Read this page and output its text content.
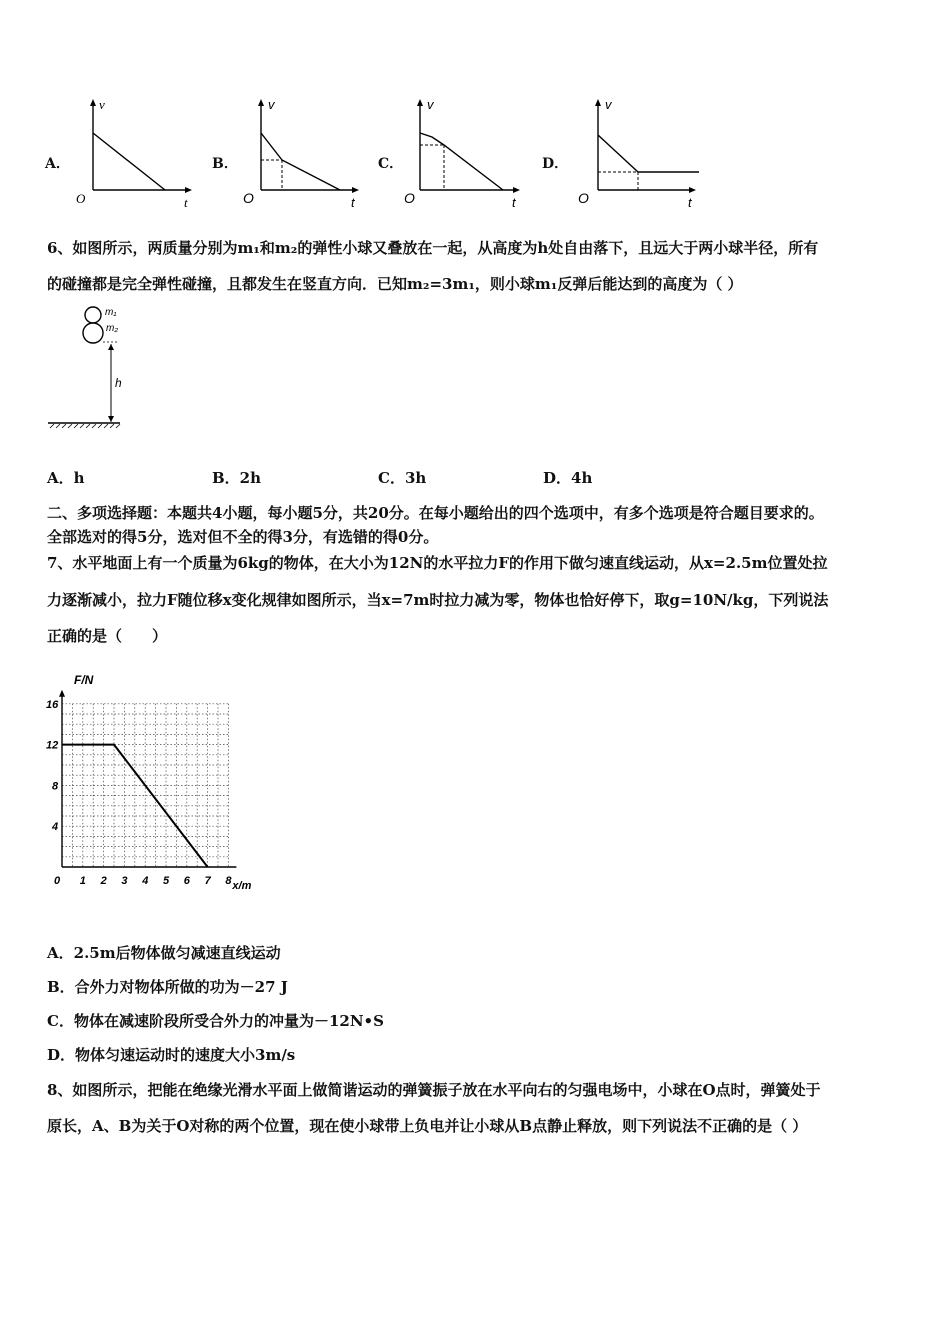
A．
v
O	t
B．
v
O	t
C．
v
O	t
D．
v
O	t
6、如图所示，两质量分别为m₁和m₂的弹性小球又叠放在一起，从高度为h处自由落下，且远大于两小球半径，所有
的碰撞都是完全弹性碰撞，且都发生在竖直方向．已知m₂=3m₁，则小球m₁反弹后能达到的高度为（ ）
m₁
m₂
h
A．h	B．2h	C．3h	D．4h
二、多项选择题：本题共4小题，每小题5分，共20分。在每小题给出的四个选项中，有多个选项是符合题目要求的。
全部选对的得5分，选对但不全的得3分，有选错的得0分。
7、水平地面上有一个质量为6kg的物体，在大小为12N的水平拉力F的作用下做匀速直线运动，从x=2.5m位置处拉
力逐渐减小，拉力F随位移x变化规律如图所示，当x=7m时拉力减为零，物体也恰好停下，取g=10N/kg，下列说法
正确的是（　　）
0 1 2 3 4 5 6 7 8
4
8
12
16
F/N
x/m
A．2.5m后物体做匀减速直线运动
B．合外力对物体所做的功为－27 J
C．物体在减速阶段所受合外力的冲量为－12N•S
D．物体匀速运动时的速度大小3m/s
8、如图所示，把能在绝缘光滑水平面上做简谐运动的弹簧振子放在水平向右的匀强电场中，小球在O点时，弹簧处于
原长，A、B为关于O对称的两个位置，现在使小球带上负电并让小球从B点静止释放，则下列说法不正确的是（ ）
